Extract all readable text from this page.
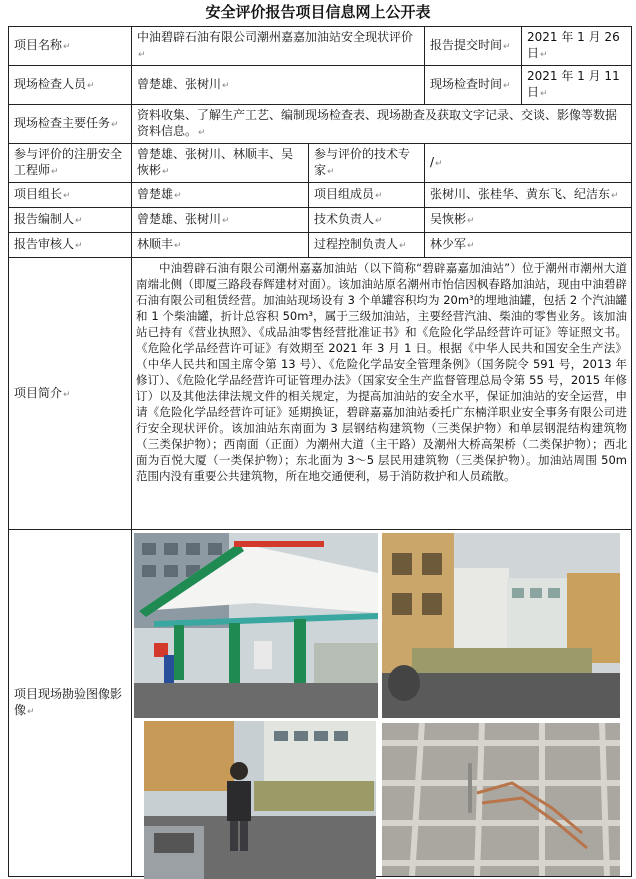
安全评价报告项目信息网上公开表
项目名称 ↵	中油碧辟石油有限公司潮州嘉嘉加油站安全现状评价 ↵		报告提交时间 ↵	2021 年 1 月 26 日 ↵
现场检查人员 ↵	曾楚雄、张树川 ↵		现场检查时间 ↵	2021 年 1 月 11 日 ↵
现场检查主要任务 ↵	资料收集、了解生产工艺、编制现场检查表、现场勘查及获取文字记录、交谈、影像等数据资料信息。 ↵
参与评价的注册安全工程师 ↵	曾楚雄、张树川、林顺丰、吴恢彬 ↵	参与评价的技术专家 ↵	/ ↵
项目组长 ↵	曾楚雄 ↵	项目组成员 ↵	张树川、张桂华、黄东飞、纪洁东 ↵
报告编制人 ↵	曾楚雄、张树川 ↵	技术负责人 ↵	吴恢彬 ↵
报告审核人 ↵	林顺丰 ↵	过程控制负责人 ↵	林少军 ↵
项目简介 ↵	中油碧辟石油有限公司潮州嘉嘉加油站（以下简称“碧辟嘉嘉加油站”）位于潮州市潮州大道南端北侧（即厦三路段春辉建材对面）。该加油站原名潮州市怡信因枫春路加油站，现由中油碧辟石油有限公司租赁经营。加油站现场设有 3 个单罐容积均为 20m³的埋地油罐，包括 2 个汽油罐和 1 个柴油罐，折计总容积 50m³，属于三级加油站，主要经营汽油、柴油的零售业务。该加油站已持有《营业执照》、《成品油零售经营批准证书》和《危险化学品经营许可证》等证照文书。《危险化学品经营许可证》有效期至 2021 年 3 月 1 日。根据《中华人民共和国安全生产法》（中华人民共和国主席令第 13 号）、《危险化学品安全管理条例》（国务院令 591 号，2013 年修订）、《危险化学品经营许可证管理办法》（国家安全生产监督管理总局令第 55 号，2015 年修订）以及其他法律法规文件的相关规定，为提高加油站的安全水平，保证加油站的安全运营，申请《危险化学品经营许可证》延期换证，碧辟嘉嘉加油站委托广东楠洋职业安全事务有限公司进行安全现状评价。该加油站东南面为 3 层钢结构建筑物（三类保护物）和单层钢混结构建筑物（三类保护物）；西南面（正面）为潮州大道（主干路）及潮州大桥高架桥（二类保护物）；西北面为百悦大厦（一类保护物）；东北面为 3～5 层民用建筑物（三类保护物）。加油站周围 50m 范围内没有重要公共建筑物，所在地交通便利，易于消防救护和人员疏散。			

项目现场勘验图像影像 ↵	
